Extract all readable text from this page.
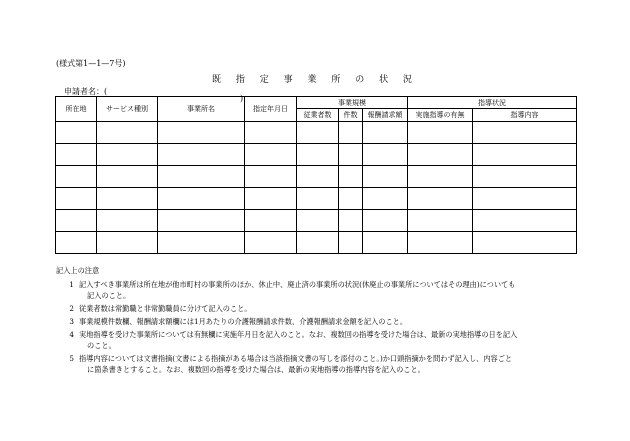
(様式第1—1—7号)
既 指 定 事 業 所 の 状 況
申請者名：(
)
所在地	サービス種別	事業所名	指定年月日	事業規模			指導状況	
				従業者数	件数	報酬請求額	実施指導の有無	指導内容

記入上の注意
1 記入すべき事業所は所在地が他市町村の事業所のほか、休止中、廃止済の事業所の状況(休廃止の事業所についてはその理由)についても
記入のこと。
2 従業者数は常勤職と非常勤職員に分けて記入のこと。
3 事業規模件数欄、報酬請求額欄には1月あたりの介護報酬請求件数、介護報酬請求金額を記入のこと。
4 実地指導を受けた事業所については有無欄に実施年月日を記入のこと。なお、複数回の指導を受けた場合は、最新の実地指導の日を記入
のこと。
5 指導内容については文書指摘(文書による指摘がある場合は当該指摘文書の写しを添付のこと。)か口頭指摘かを問わず記入し、内容ごと
に箇条書きとすること。なお、複数回の指導を受けた場合は、最新の実地指導の指導内容を記入のこと。
